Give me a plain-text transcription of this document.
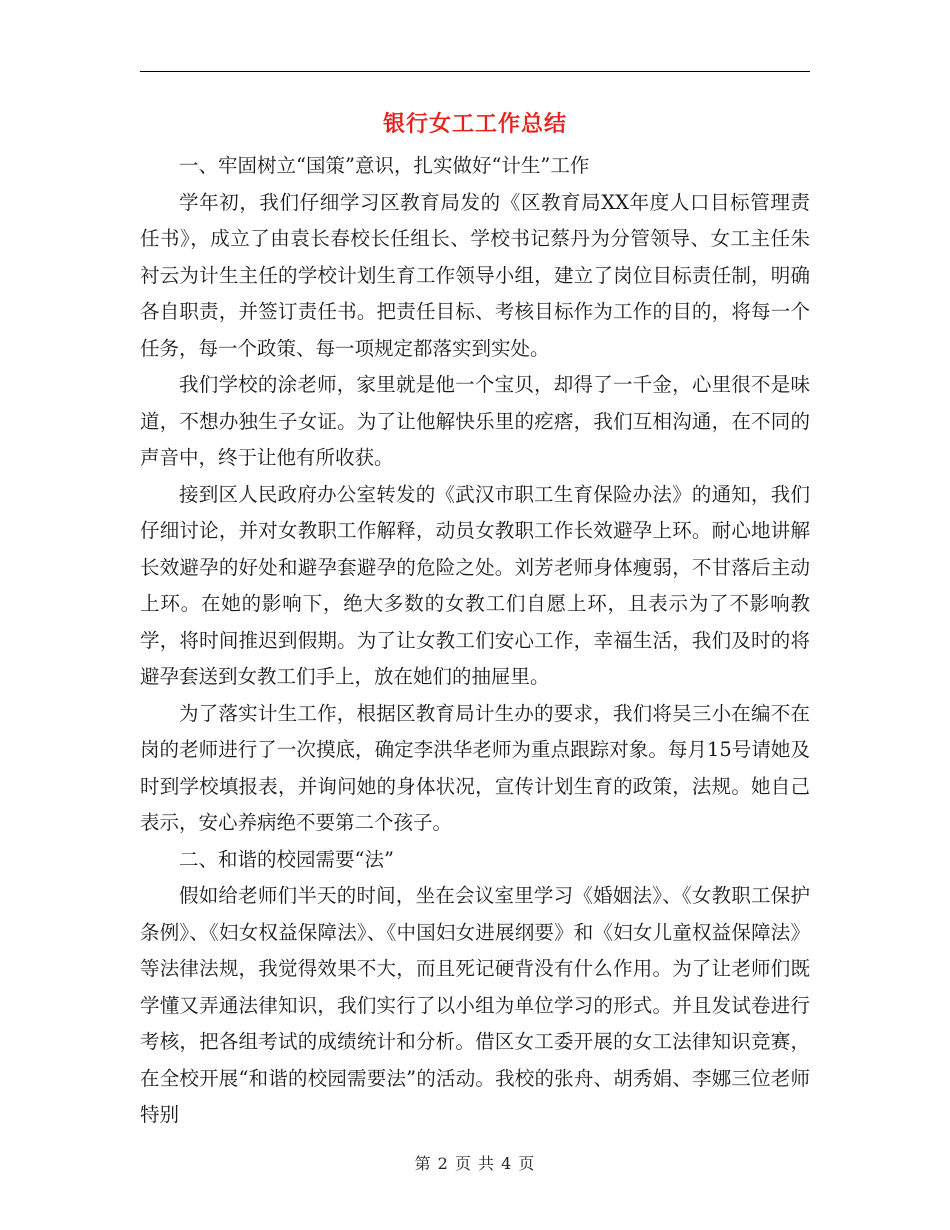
银行女工工作总结

一、牢固树立“国策”意识，扎实做好“计生”工作

学年初，我们仔细学习区教育局发的《区教育局XX年度人口目标管理责任书》，成立了由袁长春校长任组长、学校书记蔡丹为分管领导、女工主任朱衬云为计生主任的学校计划生育工作领导小组，建立了岗位目标责任制，明确各自职责，并签订责任书。把责任目标、考核目标作为工作的目的，将每一个任务，每一个政策、每一项规定都落实到实处。

我们学校的涂老师，家里就是他一个宝贝，却得了一千金，心里很不是味道，不想办独生子女证。为了让他解快乐里的疙瘩，我们互相沟通，在不同的声音中，终于让他有所收获。

接到区人民政府办公室转发的《武汉市职工生育保险办法》的通知，我们仔细讨论，并对女教职工作解释，动员女教职工作长效避孕上环。耐心地讲解长效避孕的好处和避孕套避孕的危险之处。刘芳老师身体瘦弱，不甘落后主动上环。在她的影响下，绝大多数的女教工们自愿上环，且表示为了不影响教学，将时间推迟到假期。为了让女教工们安心工作，幸福生活，我们及时的将避孕套送到女教工们手上，放在她们的抽屉里。

为了落实计生工作，根据区教育局计生办的要求，我们将吴三小在编不在岗的老师进行了一次摸底，确定李洪华老师为重点跟踪对象。每月15号请她及时到学校填报表，并询问她的身体状况，宣传计划生育的政策，法规。她自己表示，安心养病绝不要第二个孩子。

二、和谐的校园需要“法”

假如给老师们半天的时间，坐在会议室里学习《婚姻法》、《女教职工保护条例》、《妇女权益保障法》、《中国妇女进展纲要》和《妇女儿童权益保障法》等法律法规，我觉得效果不大，而且死记硬背没有什么作用。为了让老师们既学懂又弄通法律知识，我们实行了以小组为单位学习的形式。并且发试卷进行考核，把各组考试的成绩统计和分析。借区女工委开展的女工法律知识竞赛，在全校开展“和谐的校园需要法”的活动。我校的张舟、胡秀娟、李娜三位老师特别

第 2 页 共 4 页
